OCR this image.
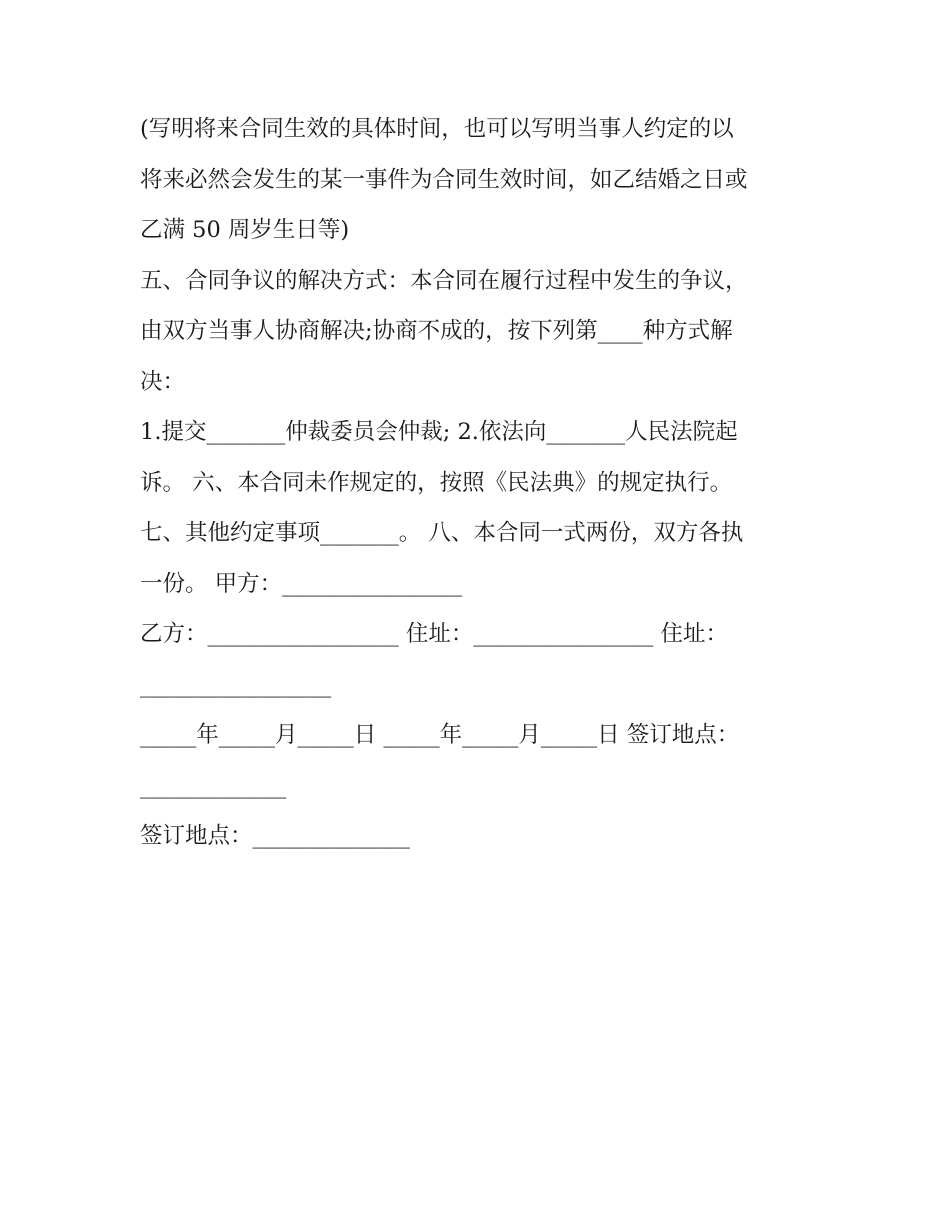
(写明将来合同生效的具体时间，也可以写明当事人约定的以
将来必然会发生的某一事件为合同生效时间，如乙结婚之日或
乙满 50 周岁生日等)
五、合同争议的解决方式：本合同在履行过程中发生的争议，
由双方当事人协商解决;协商不成的，按下列第____种方式解
决：
1.提交_______仲裁委员会仲裁; 2.依法向_______人民法院起
诉。 六、本合同未作规定的，按照《民法典》的规定执行。
七、其他约定事项_______。 八、本合同一式两份，双方各执
一份。 甲方：________________
乙方：_________________ 住址：________________ 住址：
_________________
_____年_____月_____日 _____年_____月_____日 签订地点：
_____________
签订地点：______________
